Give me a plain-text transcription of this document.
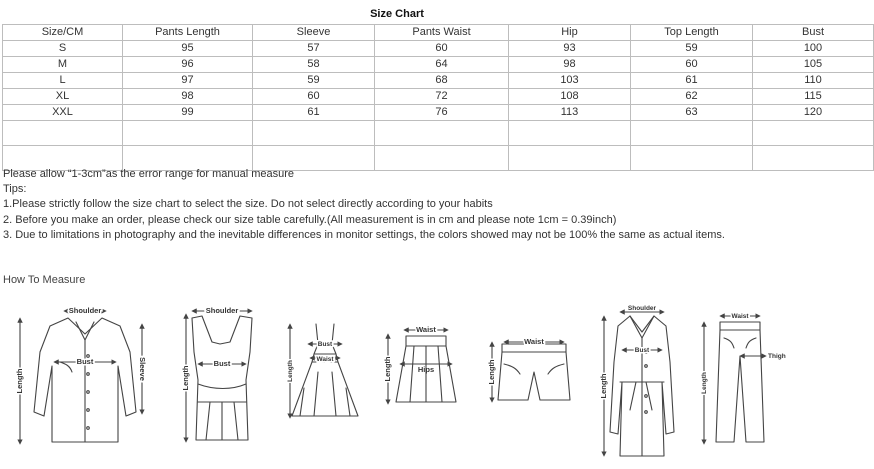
Size Chart
Size/CM	Pants Length	Sleeve	Pants Waist	Hip	Top Length	Bust
S	95	57	60	93	59	100
M	96	58	64	98	60	105
L	97	59	68	103	61	110
XL	98	60	72	108	62	115
XXL	99	61	76	113	63	120

Please allow “1-3cm”as the error range for manual measure
Tips:
1.Please strictly follow the size chart to select the size. Do not select directly according to your habits
2. Before you make an order, please check our size table carefully.(All measurement is in cm and please note 1cm = 0.39inch)
3. Due to limitations in photography and the inevitable differences in monitor settings, the colors showed may not be 100% the same as actual items.
How To Measure
Shoulder
Bust
Length	Sleeve
Shoulder
Bust
Length
Bust
Waist
Length
Waist
Hips
Length
Waist
Length
Shoulder
Bust
Length
Waist
Thigh
Length
